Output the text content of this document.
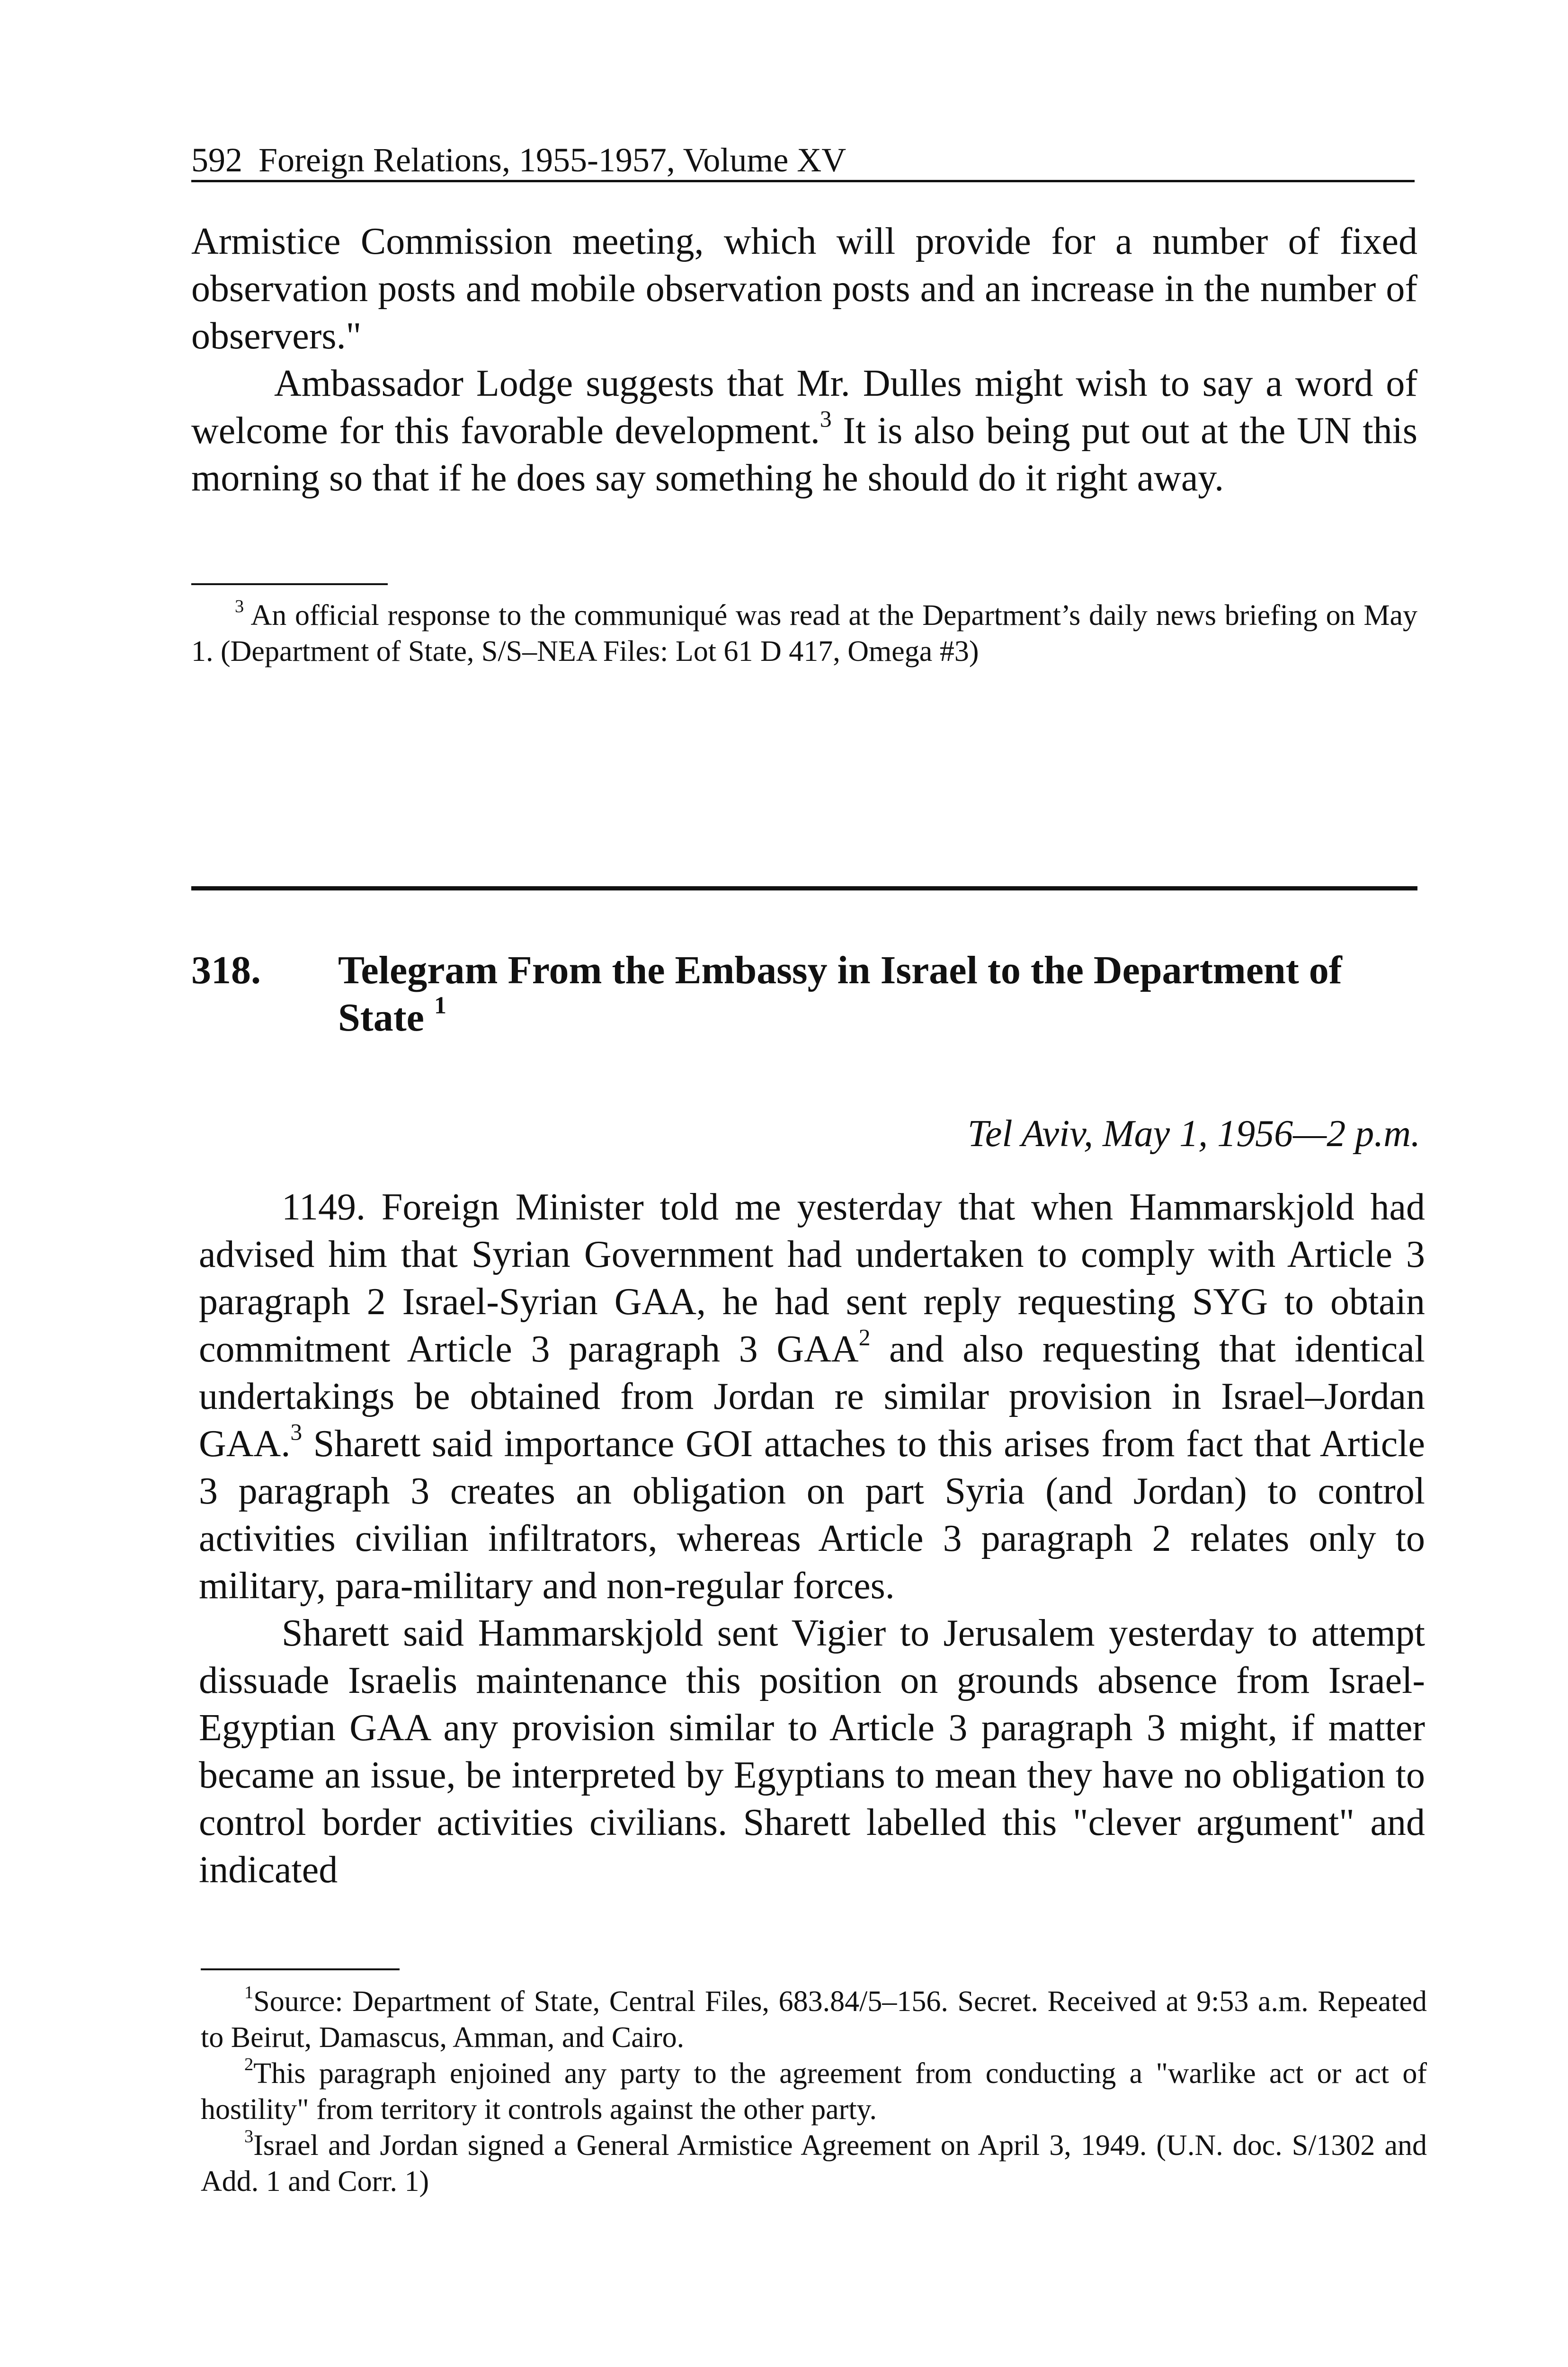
592 Foreign Relations, 1955-1957, Volume XV

Armistice Commission meeting, which will provide for a number of fixed observation posts and mobile observation posts and an increase in the number of observers."

Ambassador Lodge suggests that Mr. Dulles might wish to say a word of welcome for this favorable development.$^3$ It is also being put out at the UN this morning so that if he does say something he should do it right away.

$^3$ An official response to the communiqué was read at the Department’s daily news briefing on May 1. (Department of State, S/S–NEA Files: Lot 61 D 417, Omega #3)

318. Telegram From the Embassy in Israel to the Department of State $^1$
Tel Aviv, May 1, 1956—2 p.m.

1149. Foreign Minister told me yesterday that when Hammarskjold had advised him that Syrian Government had undertaken to comply with Article 3 paragraph 2 Israel-Syrian GAA, he had sent reply requesting SYG to obtain commitment Article 3 paragraph 3 GAA$^2$ and also requesting that identical undertakings be obtained from Jordan re similar provision in Israel–Jordan GAA.$^3$ Sharett said importance GOI attaches to this arises from fact that Article 3 paragraph 3 creates an obligation on part Syria (and Jordan) to control activities civilian infiltrators, whereas Article 3 paragraph 2 relates only to military, para-military and non-regular forces.

Sharett said Hammarskjold sent Vigier to Jerusalem yesterday to attempt dissuade Israelis maintenance this position on grounds absence from Israel-Egyptian GAA any provision similar to Article 3 paragraph 3 might, if matter became an issue, be interpreted by Egyptians to mean they have no obligation to control border activities civilians. Sharett labelled this "clever argument" and indicated

$^1$Source: Department of State, Central Files, 683.84/5–156. Secret. Received at 9:53 a.m. Repeated to Beirut, Damascus, Amman, and Cairo.

$^2$This paragraph enjoined any party to the agreement from conducting a "warlike act or act of hostility" from territory it controls against the other party.

$^3$Israel and Jordan signed a General Armistice Agreement on April 3, 1949. (U.N. doc. S/1302 and Add. 1 and Corr. 1)
